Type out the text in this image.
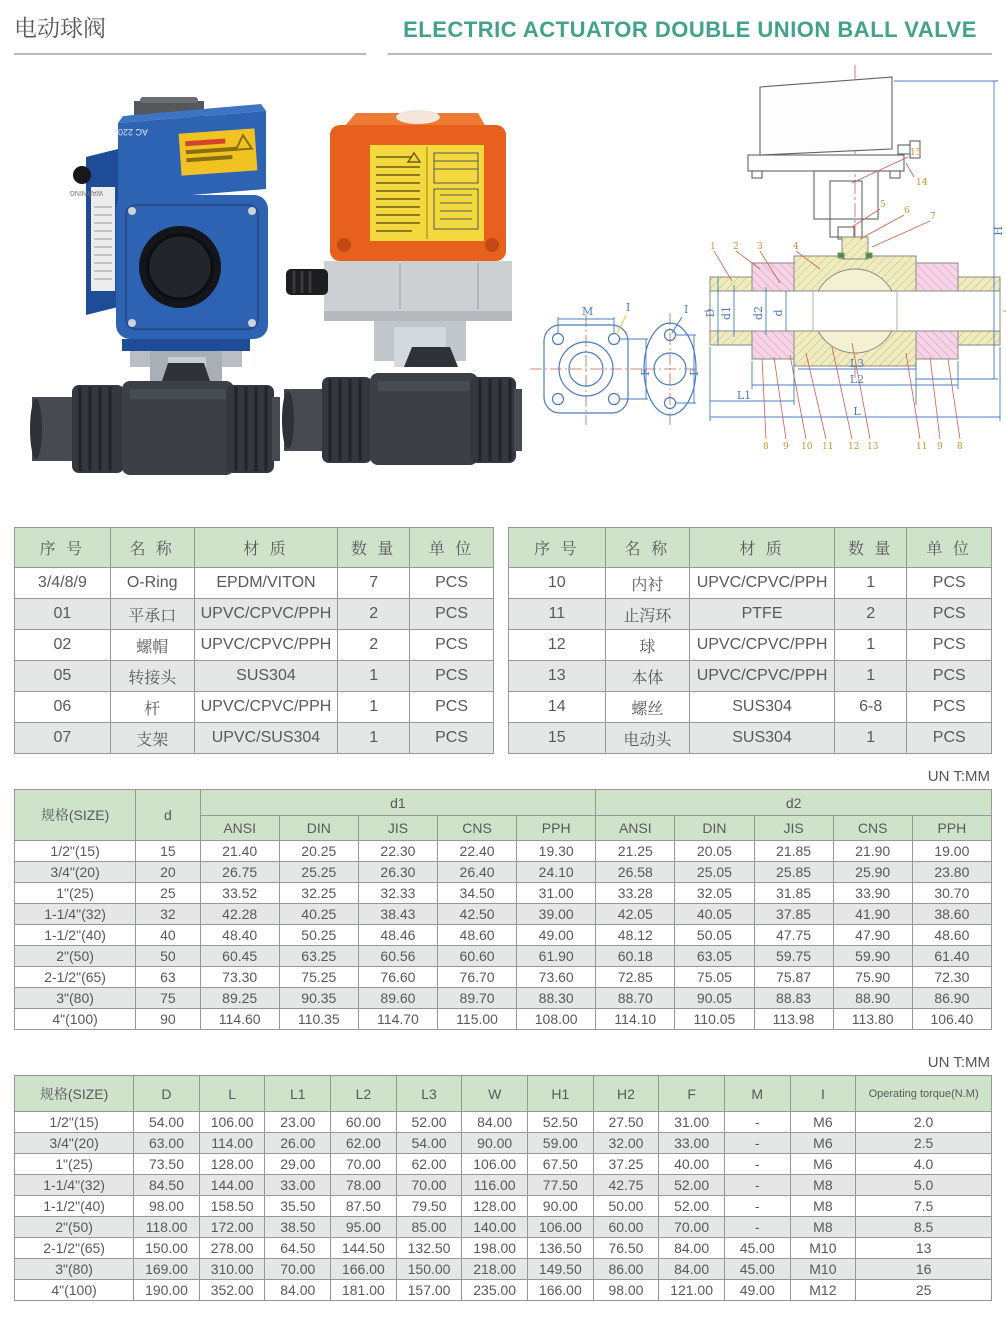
电动球阀	ELECTRIC ACTUATOR DOUBLE UNION BALL VALVE
AC 220V
WARNING
M	I
F
I
F
H
D d1 d2 d
L3
L2
L1
L
15
14
5
6
7
1 2 3	4
8 9 10 11 12 13	11 9 8
序 号	名 称	材 质	数 量	单 位
3/4/8/9	O-Ring	EPDM/VITON	7	PCS
01	平承口	UPVC/CPVC/PPH	2	PCS
02	螺帽	UPVC/CPVC/PPH	2	PCS
05	转接头	SUS304	1	PCS
06	杆	UPVC/CPVC/PPH	1	PCS
07	支架	UPVC/SUS304	1	PCS
序 号	名 称	材 质	数 量	单 位
10	内衬	UPVC/CPVC/PPH	1	PCS
11	止泻环	PTFE	2	PCS
12	球	UPVC/CPVC/PPH	1	PCS
13	本体	UPVC/CPVC/PPH	1	PCS
14	螺丝	SUS304	6-8	PCS
15	电动头	SUS304	1	PCS
UN T:MM
规格(SIZE)	d	d1					d2				
		ANSI	DIN	JIS	CNS	PPH	ANSI	DIN	JIS	CNS	PPH
1/2"(15)	15	21.40	20.25	22.30	22.40	19.30	21.25	20.05	21.85	21.90	19.00
3/4"(20)	20	26.75	25.25	26.30	26.40	24.10	26.58	25.05	25.85	25.90	23.80
1"(25)	25	33.52	32.25	32.33	34.50	31.00	33.28	32.05	31.85	33.90	30.70
1-1/4"(32)	32	42.28	40.25	38.43	42.50	39.00	42.05	40.05	37.85	41.90	38.60
1-1/2"(40)	40	48.40	50.25	48.46	48.60	49.00	48.12	50.05	47.75	47.90	48.60
2"(50)	50	60.45	63.25	60.56	60.60	61.90	60.18	63.05	59.75	59.90	61.40
2-1/2"(65)	63	73.30	75.25	76.60	76.70	73.60	72.85	75.05	75.87	75.90	72.30
3"(80)	75	89.25	90.35	89.60	89.70	88.30	88.70	90.05	88.83	88.90	86.90
4"(100)	90	114.60	110.35	114.70	115.00	108.00	114.10	110.05	113.98	113.80	106.40
UN T:MM
规格(SIZE)	D	L	L1	L2	L3	W	H1	H2	F	M	I	Operating torque(N.M)
1/2"(15)	54.00	106.00	23.00	60.00	52.00	84.00	52.50	27.50	31.00	-	M6	2.0
3/4"(20)	63.00	114.00	26.00	62.00	54.00	90.00	59.00	32.00	33.00	-	M6	2.5
1"(25)	73.50	128.00	29.00	70.00	62.00	106.00	67.50	37.25	40.00	-	M6	4.0
1-1/4"(32)	84.50	144.00	33.00	78.00	70.00	116.00	77.50	42.75	52.00	-	M8	5.0
1-1/2"(40)	98.00	158.50	35.50	87.50	79.50	128.00	90.00	50.00	52.00	-	M8	7.5
2"(50)	118.00	172.00	38.50	95.00	85.00	140.00	106.00	60.00	70.00	-	M8	8.5
2-1/2"(65)	150.00	278.00	64.50	144.50	132.50	198.00	136.50	76.50	84.00	45.00	M10	13
3"(80)	169.00	310.00	70.00	166.00	150.00	218.00	149.50	86.00	84.00	45.00	M10	16
4"(100)	190.00	352.00	84.00	181.00	157.00	235.00	166.00	98.00	121.00	49.00	M12	25
